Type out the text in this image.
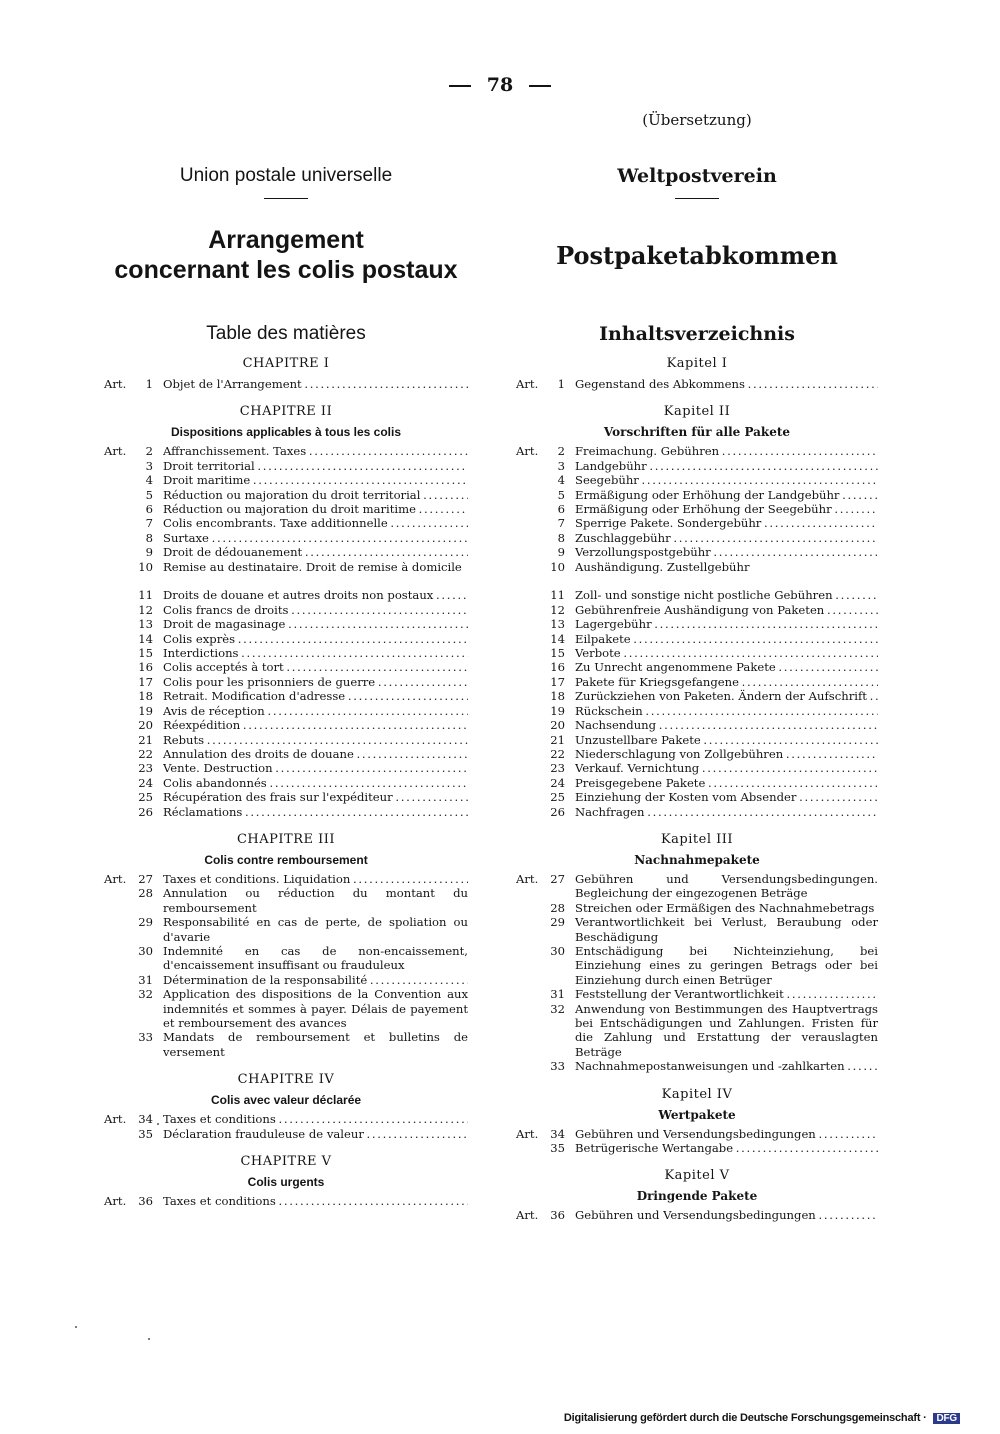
78
Union postale universelle
Arrangement
concernant les colis postaux
Table des matières
CHAPITRE I
Art.	1 Objet de l'Arrangement . . .
CHAPITRE II
Dispositions applicables à tous les colis
Art.	2 Affranchissement. Taxes . . .
3 Droit territorial . . .
4 Droit maritime . . .
5 Réduction ou majoration du droit territorial . . .
6 Réduction ou majoration du droit maritime . . .
7 Colis encombrants. Taxe additionnelle . . .
8 Surtaxe . . .
9 Droit de dédouanement . . .
10 Remise au destinataire. Droit de remise à domicile
11 Droits de douane et autres droits non postaux . . .
12 Colis francs de droits . . .
13 Droit de magasinage . . .
14 Colis exprès . . .
15 Interdictions . . .
16 Colis acceptés à tort . . .
17 Colis pour les prisonniers de guerre . . .
18 Retrait. Modification d'adresse . . .
19 Avis de réception . . .
20 Réexpédition . . .
21 Rebuts . . .
22 Annulation des droits de douane . . .
23 Vente. Destruction . . .
24 Colis abandonnés . . .
25 Récupération des frais sur l'expéditeur . . .
26 Réclamations . . .
CHAPITRE III
Colis contre remboursement
Art.	27 Taxes et conditions. Liquidation . . .
28 Annulation ou réduction du montant du remboursement
29 Responsabilité en cas de perte, de spoliation ou d'avarie
30 Indemnité en cas de non-encaissement, d'encaissement insuffisant ou frauduleux
31 Détermination de la responsabilité . . .
32 Application des dispositions de la Convention aux indemnités et sommes à payer. Délais de payement et remboursement des avances
33 Mandats de remboursement et bulletins de versement
CHAPITRE IV
Colis avec valeur déclarée
Art.	34 Taxes et conditions . . .
35 Déclaration frauduleuse de valeur . . .
CHAPITRE V
Colis urgents
Art.	36 Taxes et conditions . . .
(Übersetzung)
Weltpostverein
Postpaketabkommen
Inhaltsverzeichnis
Kapitel I
Art.	1 Gegenstand des Abkommens . . .
Kapitel II
Vorschriften für alle Pakete
Art.	2 Freimachung. Gebühren . . .
3 Landgebühr . . .
4 Seegebühr . . .
5 Ermäßigung oder Erhöhung der Landgebühr . . .
6 Ermäßigung oder Erhöhung der Seegebühr . . .
7 Sperrige Pakete. Sondergebühr . . .
8 Zuschlaggebühr . . .
9 Verzollungspostgebühr . . .
10 Aushändigung. Zustellgebühr
11 Zoll- und sonstige nicht postliche Gebühren . . .
12 Gebührenfreie Aushändigung von Paketen . . .
13 Lagergebühr . . .
14 Eilpakete . . .
15 Verbote . . .
16 Zu Unrecht angenommene Pakete . . .
17 Pakete für Kriegsgefangene . . .
18 Zurückziehen von Paketen. Ändern der Aufschrift . . .
19 Rückschein . . .
20 Nachsendung . . .
21 Unzustellbare Pakete . . .
22 Niederschlagung von Zollgebühren . . .
23 Verkauf. Vernichtung . . .
24 Preisgegebene Pakete . . .
25 Einziehung der Kosten vom Absender . . .
26 Nachfragen . . .
Kapitel III
Nachnahmepakete
Art.	27 Gebühren und Versendungsbedingungen. Begleichung der eingezogenen Beträge
28 Streichen oder Ermäßigen des Nachnahmebetrags . . .
29 Verantwortlichkeit bei Verlust, Beraubung oder Beschädigung
30 Entschädigung bei Nichteinziehung, bei Einziehung eines zu geringen Betrags oder bei Einziehung durch einen Betrüger
31 Feststellung der Verantwortlichkeit . . .
32 Anwendung von Bestimmungen des Hauptvertrags bei Entschädigungen und Zahlungen. Fristen für die Zahlung und Erstattung der verauslagten Beträge
33 Nachnahmepostanweisungen und -zahlkarten . . .
Kapitel IV
Wertpakete
Art.	34 Gebühren und Versendungsbedingungen . . .
35 Betrügerische Wertangabe . . .
Kapitel V
Dringende Pakete
Art.	36 Gebühren und Versendungsbedingungen . . .
Digitalisierung gefördert durch die Deutsche Forschungsgemeinschaft · DFG
